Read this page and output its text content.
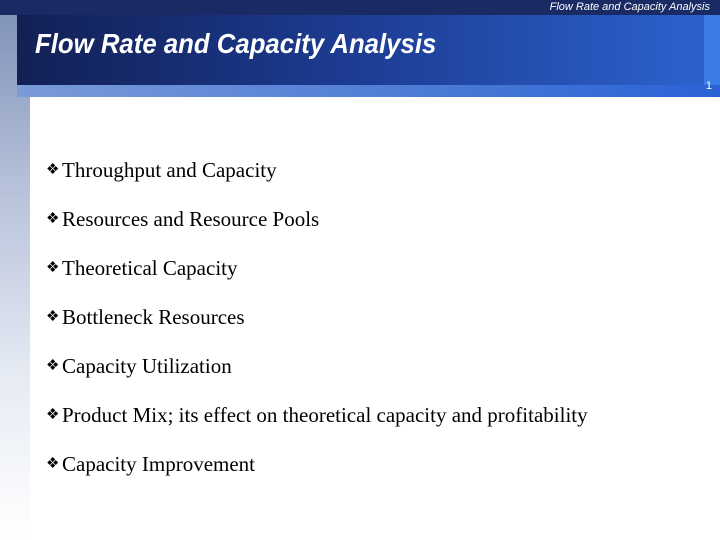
Flow Rate and Capacity Analysis
Flow Rate and Capacity Analysis
1
❖ Throughput and Capacity
❖ Resources and Resource Pools
❖ Theoretical Capacity
❖ Bottleneck Resources
❖ Capacity Utilization
❖ Product Mix; its effect on theoretical capacity and profitability
❖ Capacity Improvement
